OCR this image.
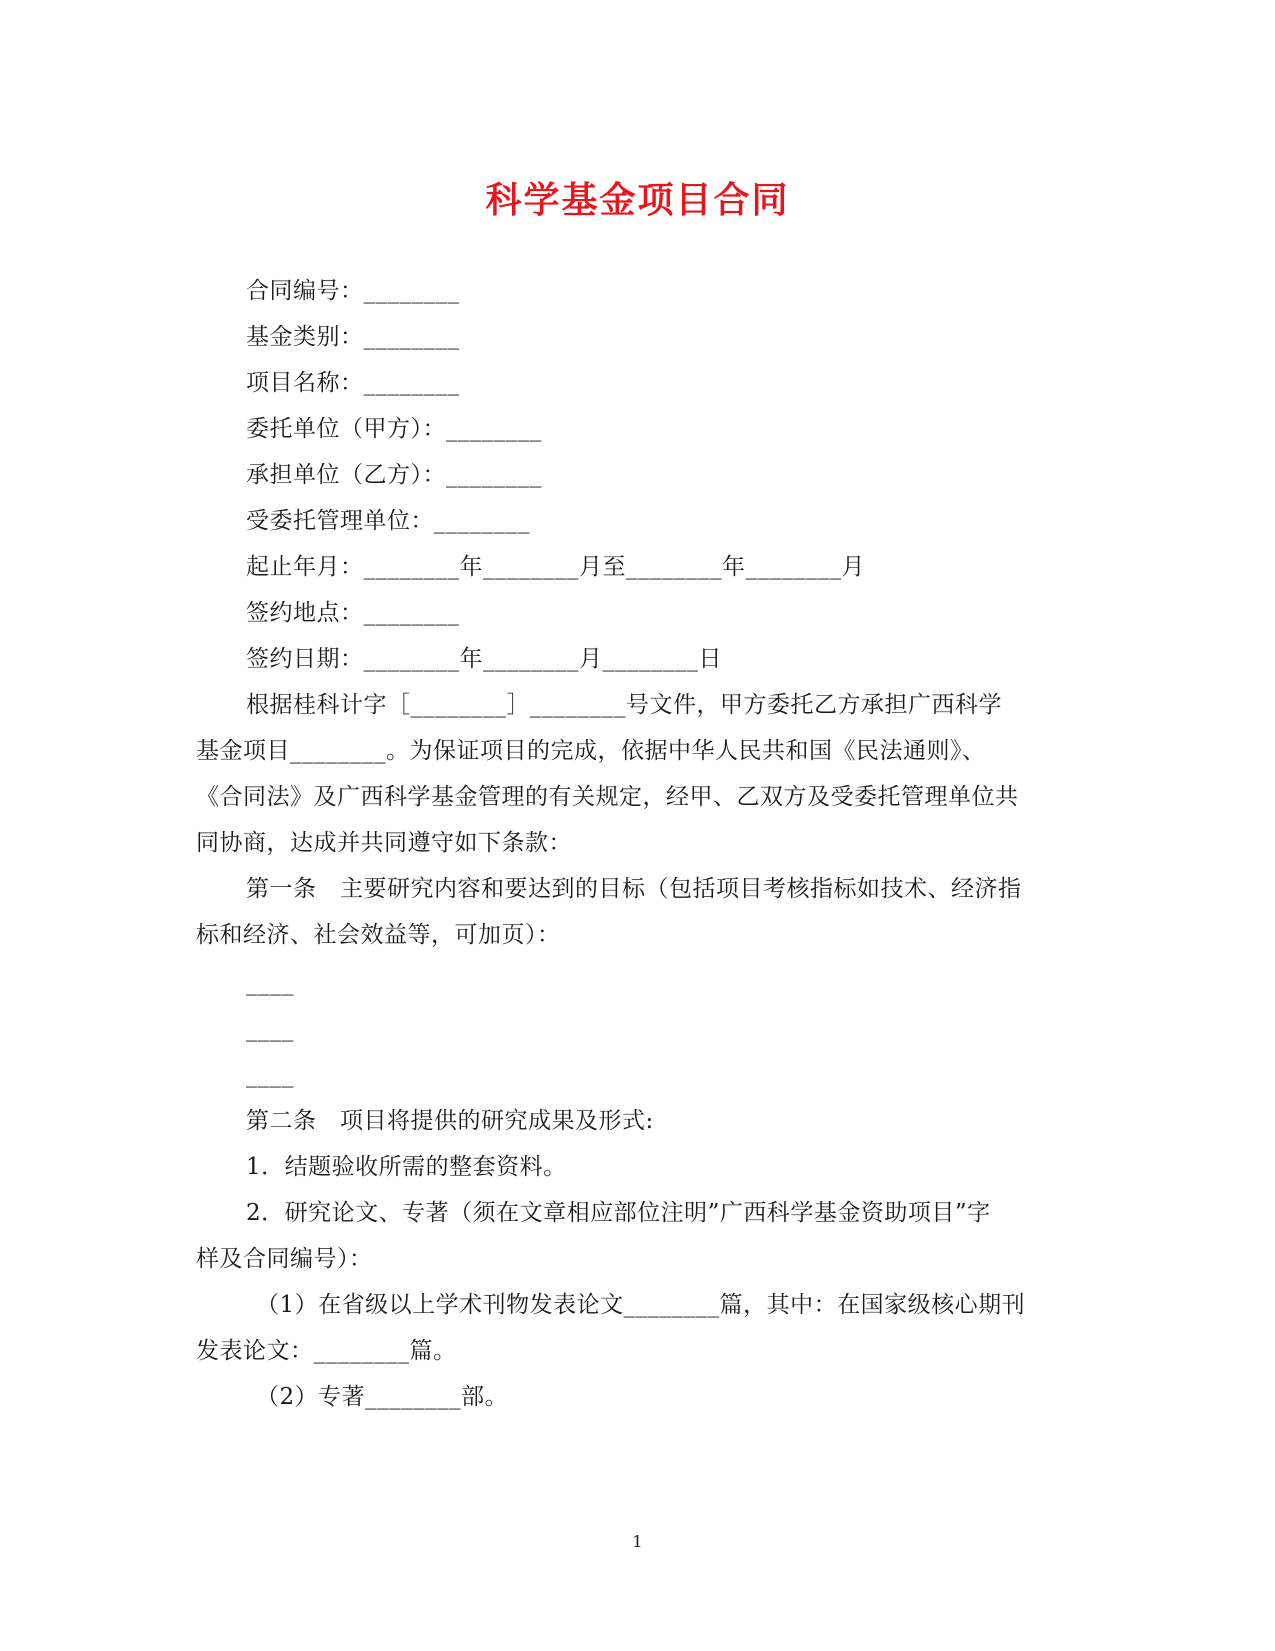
科学基金项目合同
合同编号：________
基金类别：________
项目名称：________
委托单位（甲方）：________
承担单位（乙方）：________
受委托管理单位：________
起止年月：________年________月至________年________月
签约地点：________
签约日期：________年________月________日
根据桂科计字［________］________号文件，甲方委托乙方承担广西科学
基金项目________。为保证项目的完成，依据中华人民共和国《民法通则》、
《合同法》及广西科学基金管理的有关规定，经甲、乙双方及受委托管理单位共
同协商，达成并共同遵守如下条款：
第一条　主要研究内容和要达到的目标（包括项目考核指标如技术、经济指
标和经济、社会效益等，可加页）：
____
____
____
第二条　项目将提供的研究成果及形式:
1．结题验收所需的整套资料。
2．研究论文、专著（须在文章相应部位注明”广西科学基金资助项目”字
样及合同编号）：
（1）在省级以上学术刊物发表论文________篇，其中：在国家级核心期刊
发表论文：________篇。
（2）专著________部。
1
